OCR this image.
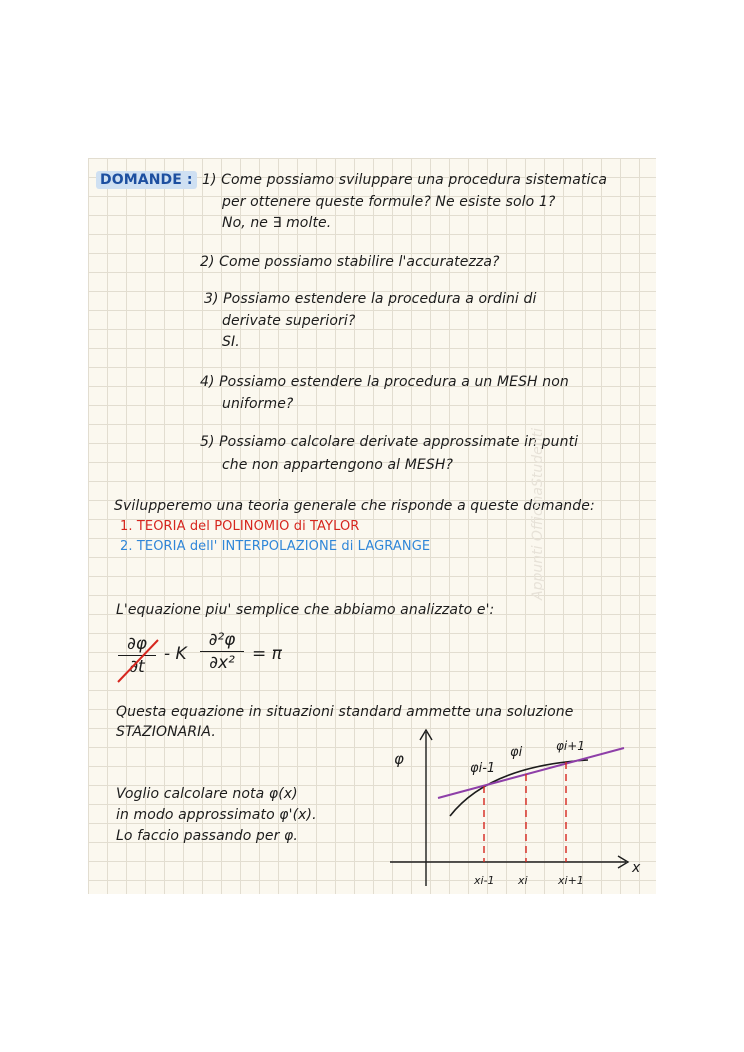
DOMANDE : 1) Come possiamo sviluppare una procedura sistematica
per ottenere queste formule? Ne esiste solo 1?
No, ne ∃ molte.
2) Come possiamo stabilire l'accuratezza?
3) Possiamo estendere la procedura a ordini di
derivate superiori?
SI.
4) Possiamo estendere la procedura a un MESH non
uniforme?
5) Possiamo calcolare derivate approssimate in punti
che non appartengono al MESH?
Svilupperemo una teoria generale che risponde a queste domande:
1. TEORIA del POLINOMIO di TAYLOR
2. TEORIA dell' INTERPOLAZIONE di LAGRANGE
L'equazione piu' semplice che abbiamo analizzato e':
∂φ
∂t
- K
∂²φ
∂x²	= π
Questa equazione in situazioni standard ammette una soluzione
STAZIONARIA.
Voglio calcolare nota φ(x)
in modo approssimato φ'(x).
Lo faccio passando per φ.
φ
x
φi-1
φi	φi+1
xi-1 xi	xi+1
Appunti OfficinaStudenti
